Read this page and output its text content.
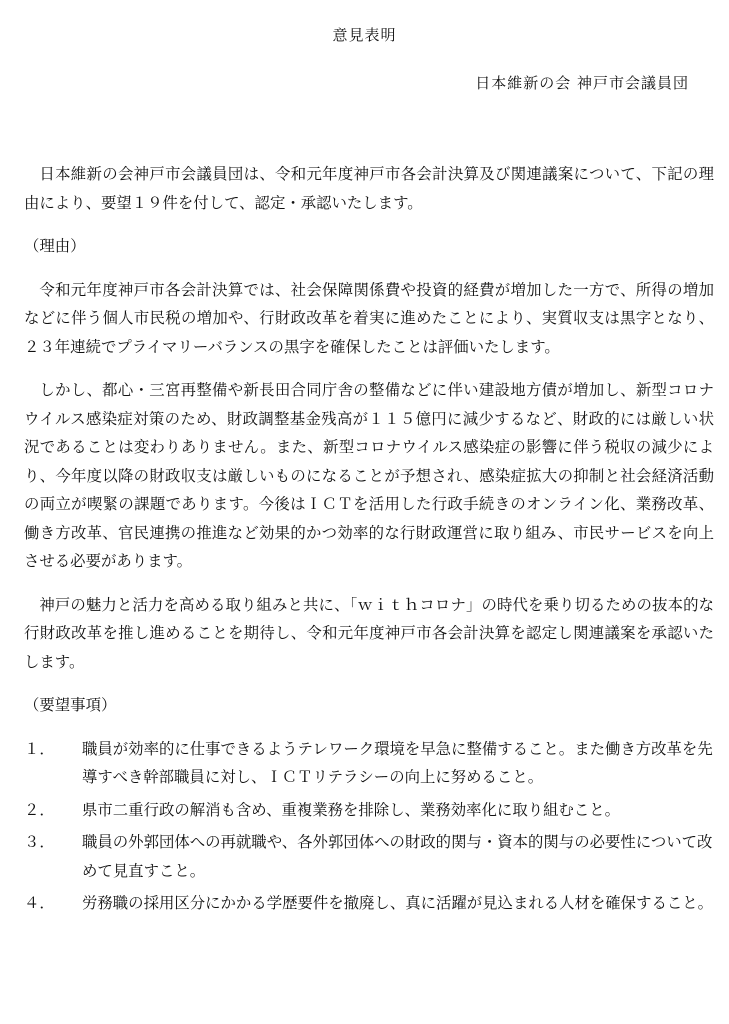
意見表明
日本維新の会 神戸市会議員団

日本維新の会神戸市会議員団は、令和元年度神戸市各会計決算及び関連議案について、下記の理由により、要望１９件を付して、認定・承認いたします。

（理由）

令和元年度神戸市各会計決算では、社会保障関係費や投資的経費が増加した一方で、所得の増加などに伴う個人市民税の増加や、行財政改革を着実に進めたことにより、実質収支は黒字となり、２３年連続でプライマリーバランスの黒字を確保したことは評価いたします。

しかし、都心・三宮再整備や新長田合同庁舎の整備などに伴い建設地方債が増加し、新型コロナウイルス感染症対策のため、財政調整基金残高が１１５億円に減少するなど、財政的には厳しい状況であることは変わりありません。また、新型コロナウイルス感染症の影響に伴う税収の減少により、今年度以降の財政収支は厳しいものになることが予想され、感染症拡大の抑制と社会経済活動の両立が喫緊の課題であります。今後はＩＣＴを活用した行政手続きのオンライン化、業務改革、働き方改革、官民連携の推進など効果的かつ効率的な行財政運営に取り組み、市民サービスを向上させる必要があります。

神戸の魅力と活力を高める取り組みと共に、「ｗｉｔｈコロナ」の時代を乗り切るための抜本的な行財政改革を推し進めることを期待し、令和元年度神戸市各会計決算を認定し関連議案を承認いたします。

（要望事項）

１．	職員が効率的に仕事できるようテレワーク環境を早急に整備すること。また働き方改革を先導すべき幹部職員に対し、ＩＣＴリテラシーの向上に努めること。
２．	県市二重行政の解消も含め、重複業務を排除し、業務効率化に取り組むこと。
３．	職員の外郭団体への再就職や、各外郭団体への財政的関与・資本的関与の必要性について改めて見直すこと。
４．	労務職の採用区分にかかる学歴要件を撤廃し、真に活躍が見込まれる人材を確保すること。
